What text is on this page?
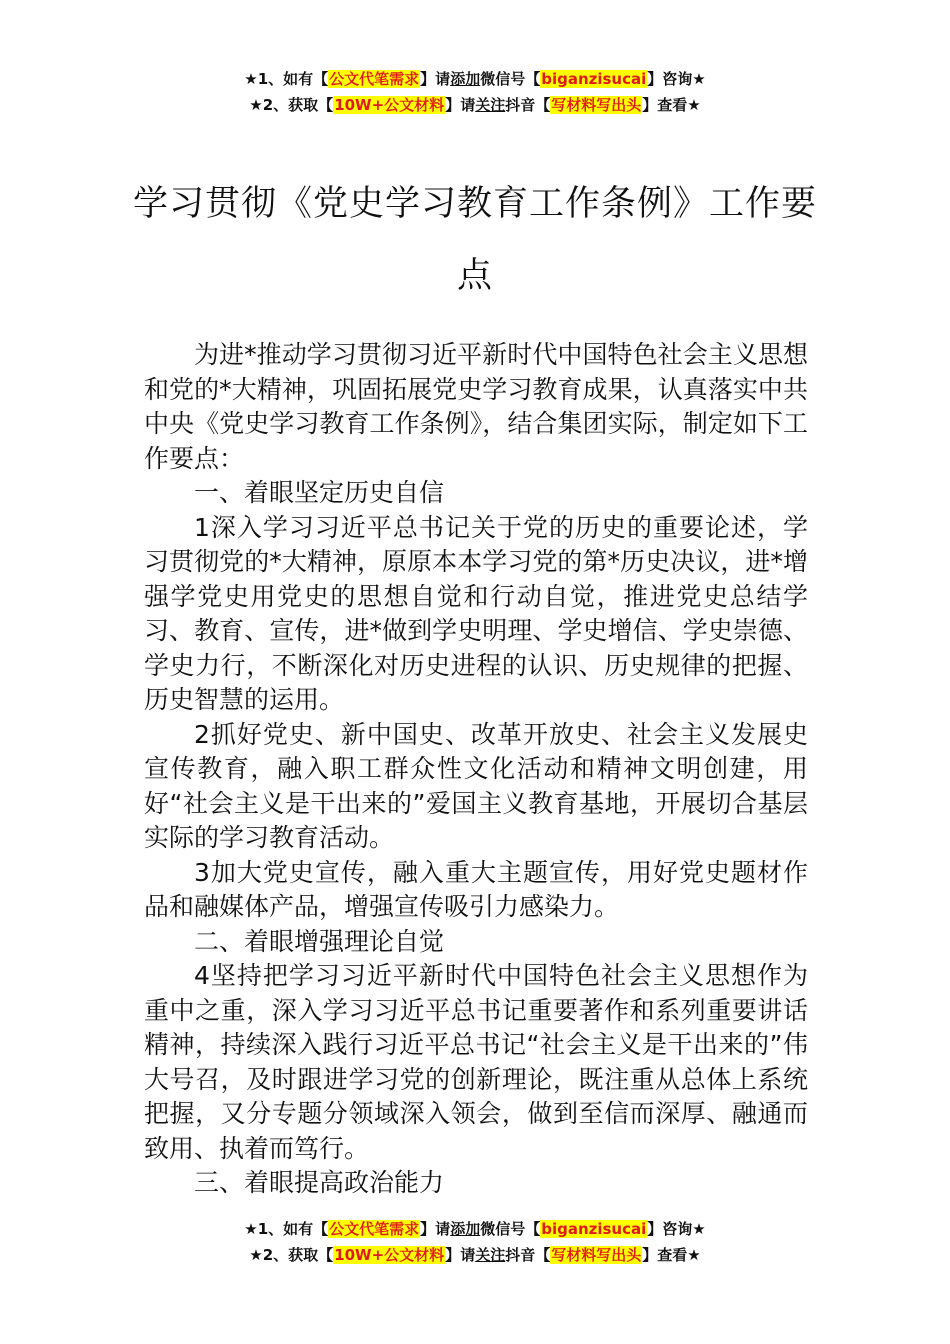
★1、如有【公文代笔需求】请添加微信号【biganzisucai】咨询★
★2、获取【10W+公文材料】请关注抖音【写材料写出头】查看★
学习贯彻《党史学习教育工作条例》工作要点

为进*推动学习贯彻习近平新时代中国特色社会主义思想和党的*大精神，巩固拓展党史学习教育成果，认真落实中共中央《党史学习教育工作条例》，结合集团实际，制定如下工作要点：

一、着眼坚定历史自信

1深入学习习近平总书记关于党的历史的重要论述，学习贯彻党的*大精神，原原本本学习党的第*历史决议，进*增强学党史用党史的思想自觉和行动自觉，推进党史总结学习、教育、宣传，进*做到学史明理、学史增信、学史崇德、学史力行，不断深化对历史进程的认识、历史规律的把握、历史智慧的运用。

2抓好党史、新中国史、改革开放史、社会主义发展史宣传教育，融入职工群众性文化活动和精神文明创建，用好“社会主义是干出来的”爱国主义教育基地，开展切合基层实际的学习教育活动。

3加大党史宣传，融入重大主题宣传，用好党史题材作品和融媒体产品，增强宣传吸引力感染力。

二、着眼增强理论自觉

4坚持把学习习近平新时代中国特色社会主义思想作为重中之重，深入学习习近平总书记重要著作和系列重要讲话精神，持续深入践行习近平总书记“社会主义是干出来的”伟大号召，及时跟进学习党的创新理论，既注重从总体上系统把握，又分专题分领域深入领会，做到至信而深厚、融通而致用、执着而笃行。

三、着眼提高政治能力

★1、如有【公文代笔需求】请添加微信号【biganzisucai】咨询★
★2、获取【10W+公文材料】请关注抖音【写材料写出头】查看★
